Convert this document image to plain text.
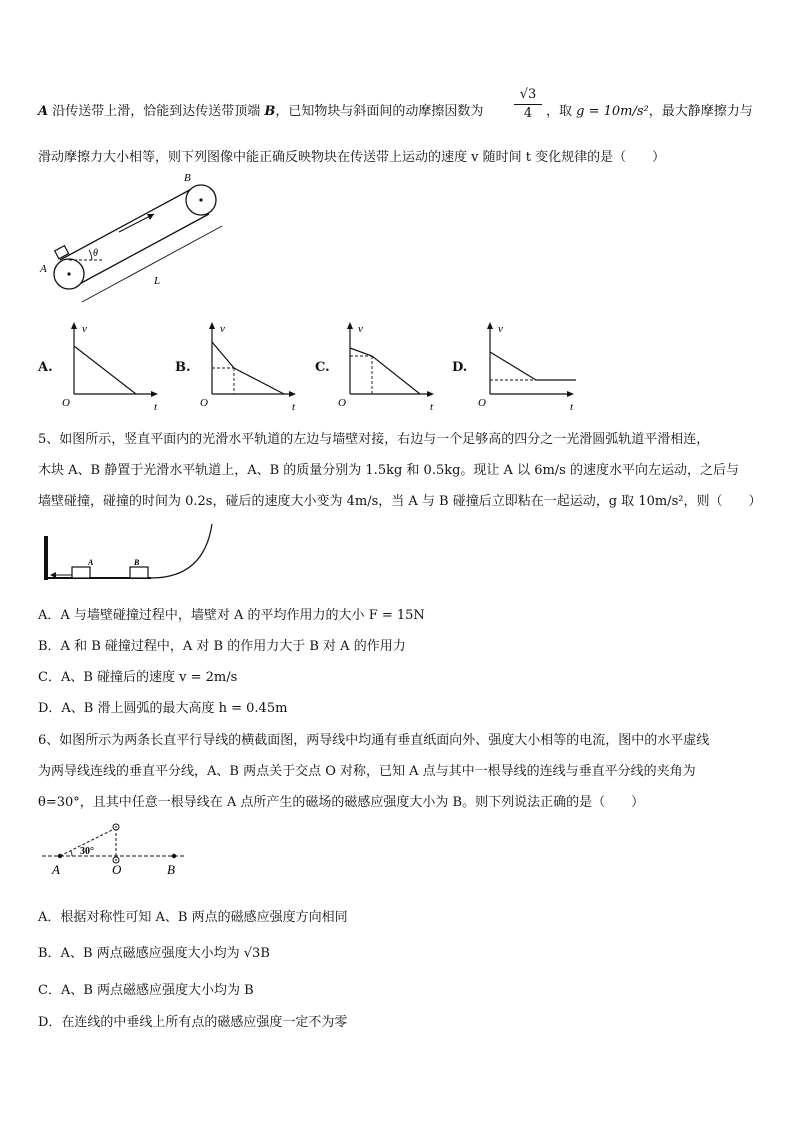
A 沿传送带上滑，恰能到达传送带顶端 B，已知物块与斜面间的动摩擦因数为 $\frac{√3}{4}$ ，取 g = 10m/s²，最大静摩擦力与
滑动摩擦力大小相等，则下列图像中能正确反映物块在传送带上运动的速度 v 随时间 t 变化规律的是（　　）
A
B
θ
L
A.	B.	C.	D.
v
t
O
v
t
O
v
t
O
v
t
O
5、如图所示，竖直平面内的光滑水平轨道的左边与墙壁对接，右边与一个足够高的四分之一光滑圆弧轨道平滑相连，
木块 A、B 静置于光滑水平轨道上，A、B 的质量分别为 1.5kg 和 0.5kg。现让 A 以 6m/s 的速度水平向左运动，之后与
墙壁碰撞，碰撞的时间为 0.2s，碰后的速度大小变为 4m/s，当 A 与 B 碰撞后立即粘在一起运动，g 取 10m/s²，则（　　）
A	B
A．A 与墙壁碰撞过程中，墙壁对 A 的平均作用力的大小 F = 15N
B．A 和 B 碰撞过程中，A 对 B 的作用力大于 B 对 A 的作用力
C．A、B 碰撞后的速度 v = 2m/s
D．A、B 滑上圆弧的最大高度 h = 0.45m
6、如图所示为两条长直平行导线的横截面图，两导线中均通有垂直纸面向外、强度大小相等的电流，图中的水平虚线
为两导线连线的垂直平分线，A、B 两点关于交点 O 对称，已知 A 点与其中一根导线的连线与垂直平分线的夹角为
θ=30°，且其中任意一根导线在 A 点所产生的磁场的磁感应强度大小为 B。则下列说法正确的是（　　）
30°
A	O	B
A．根据对称性可知 A、B 两点的磁感应强度方向相同
B．A、B 两点磁感应强度大小均为 √3B
C．A、B 两点磁感应强度大小均为 B
D．在连线的中垂线上所有点的磁感应强度一定不为零
